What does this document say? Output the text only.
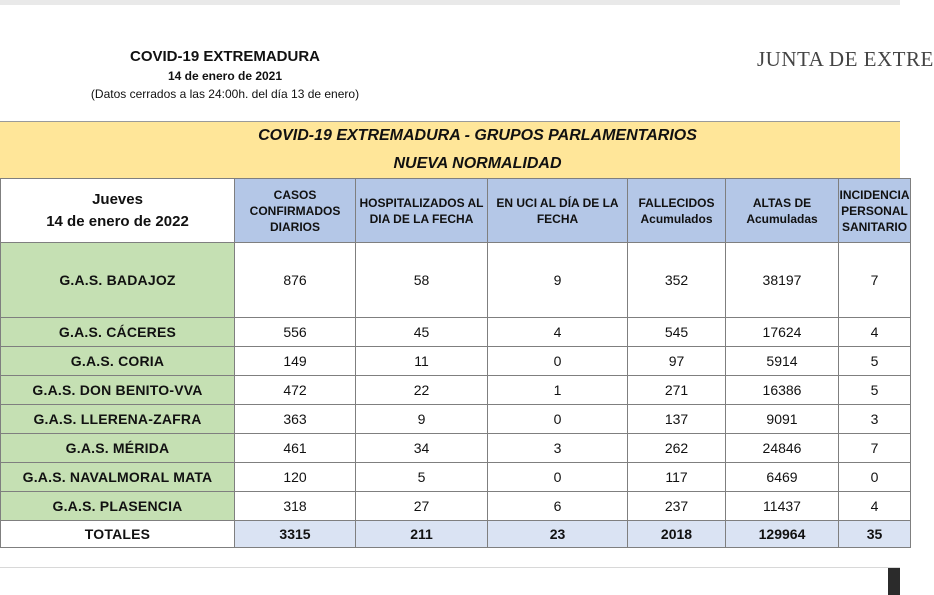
COVID-19 EXTREMADURA
14 de enero de 2021
(Datos cerrados a las 24:00h. del día 13 de enero)
JUNTA DE EXTRE
COVID-19 EXTREMADURA - GRUPOS PARLAMENTARIOS
NUEVA NORMALIDAD
Jueves
14 de enero de 2022	CASOS CONFIRMADOS DIARIOS	HOSPITALIZADOS AL DIA DE LA FECHA	EN UCI AL DÍA DE LA FECHA	FALLECIDOS Acumulados	ALTAS DE Acumuladas	INCIDENCIA PERSONAL SANITARIO
G.A.S. BADAJOZ	876	58	9	352	38197	7
G.A.S. CÁCERES	556	45	4	545	17624	4
G.A.S. CORIA	149	11	0	97	5914	5
G.A.S. DON BENITO-VVA	472	22	1	271	16386	5
G.A.S. LLERENA-ZAFRA	363	9	0	137	9091	3
G.A.S. MÉRIDA	461	34	3	262	24846	7
G.A.S. NAVALMORAL MATA	120	5	0	117	6469	0
G.A.S. PLASENCIA	318	27	6	237	11437	4
TOTALES	3315	211	23	2018	129964	35
